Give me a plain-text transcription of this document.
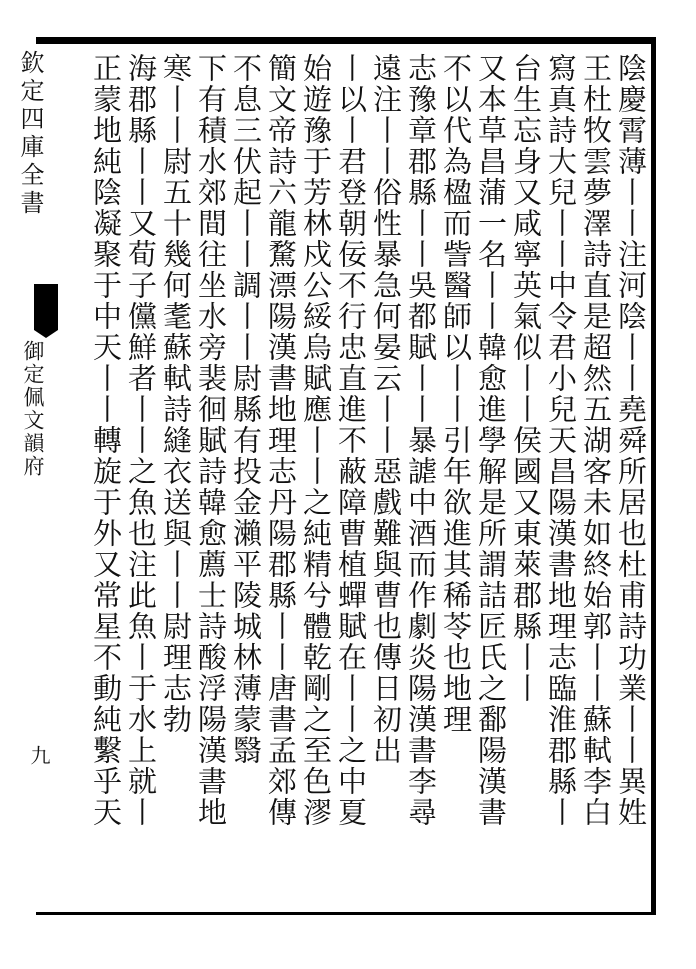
欽定四庫全書
御定佩文韻府
九	陰慶霄薄丨丨注河陰丨丨堯舜所居也杜甫詩功業丨丨異姓
王杜牧雲夢澤詩直是超然五湖客未如終始郭丨丨蘇軾李白
寫真詩大兒丨丨中令君小兒天昌陽漢書地理志臨淮郡縣丨
台生忘身又咸寧英氣似丨丨侯國又東萊郡縣丨丨
又本草昌蒲一名丨丨韓愈進學解是所謂詰匠氏之鄱陽漢書
不以代為楹而訾醫師以丨丨引年欲進其稀苓也地理
志豫章郡縣丨丨吳都賦丨丨暴謔中酒而作劇炎陽漢書李尋
遠注丨丨俗性暴急何晏云丨丨惡戲難與曹也傳日初出
丨以丨君登朝佞不行忠直進不蔽障曹植蟬賦在丨丨之中夏
始遊豫于芳林戍公綏烏賦應丨丨之純精兮體乾剛之至色漻
簡文帝詩六龍騖漂陽漢書地理志丹陽郡縣丨丨唐書孟郊傳
不息三伏起丨丨調丨丨尉縣有投金瀨平陵城林薄蒙翳
下有積水郊間往坐水旁裴徊賦詩韓愈薦士詩酸浮陽漢書地
寒丨丨尉五十幾何耄蘇軾詩縫衣送與丨丨尉理志勃
海郡縣丨丨又荀子儻鮮者丨丨之魚也注此魚丨于水上就丨
正蒙地純陰凝聚于中天丨丨轉旋于外又常星不動純繫乎天
